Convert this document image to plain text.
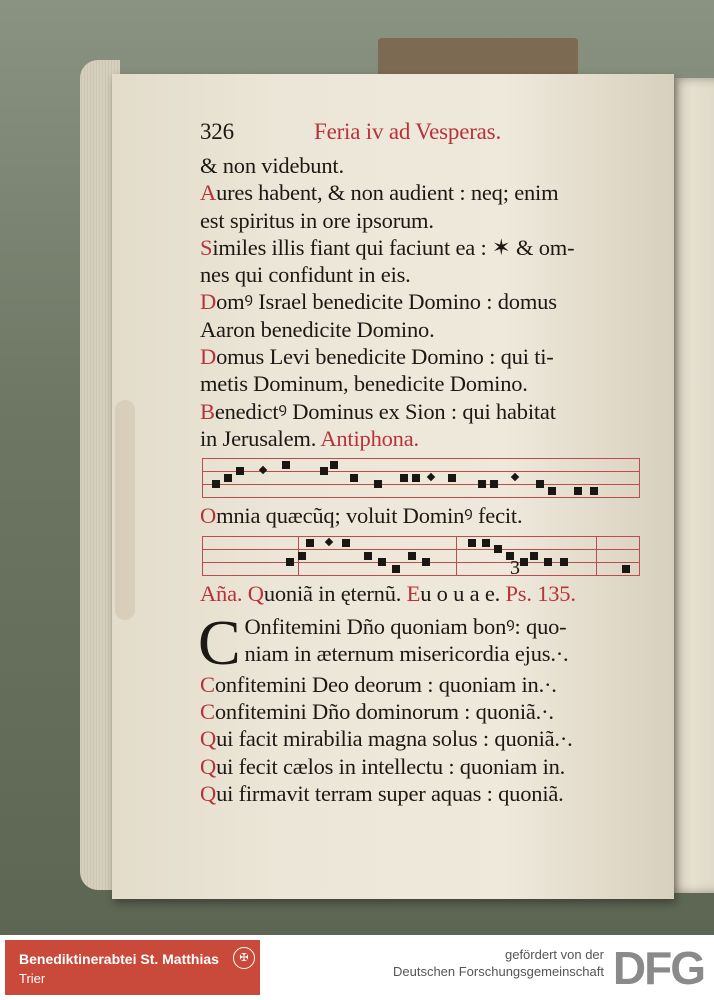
326	Feria iv ad Vesperas.
& non videbunt.
Aures habent, & non audient : neq; enim
est spiritus in ore ipsorum.
Similes illis fiant qui faciunt ea : ✶ & om-
nes qui confidunt in eis.
Domꝰ Israel benedicite Domino : domus
Aaron benedicite Domino.
Domus Levi benedicite Domino : qui ti-
metis Dominum, benedicite Domino.
Benedictꝰ Dominus ex Sion : qui habitat
in Jerusalem. Antiphona.
Omnia quæcũq; voluit Dominꝰ fecit.
3
Aña. Quoniã in ęternũ. Eu o u a e. Ps. 135.
C Onfitemini Dño quoniam bonꝰ: quo-
niam in æternum misericordia ejus.·.
Confitemini Deo deorum : quoniam in.·.
Confitemini Dño dominorum : quoniã.·.
Qui facit mirabilia magna solus : quoniã.·.
Qui fecit cælos in intellectu : quoniam in.
Qui firmavit terram super aquas : quoniã.
Benediktinerabtei St. Matthias
Trier
✠	gefördert von der
Deutschen Forschungsgemeinschaft DFG
